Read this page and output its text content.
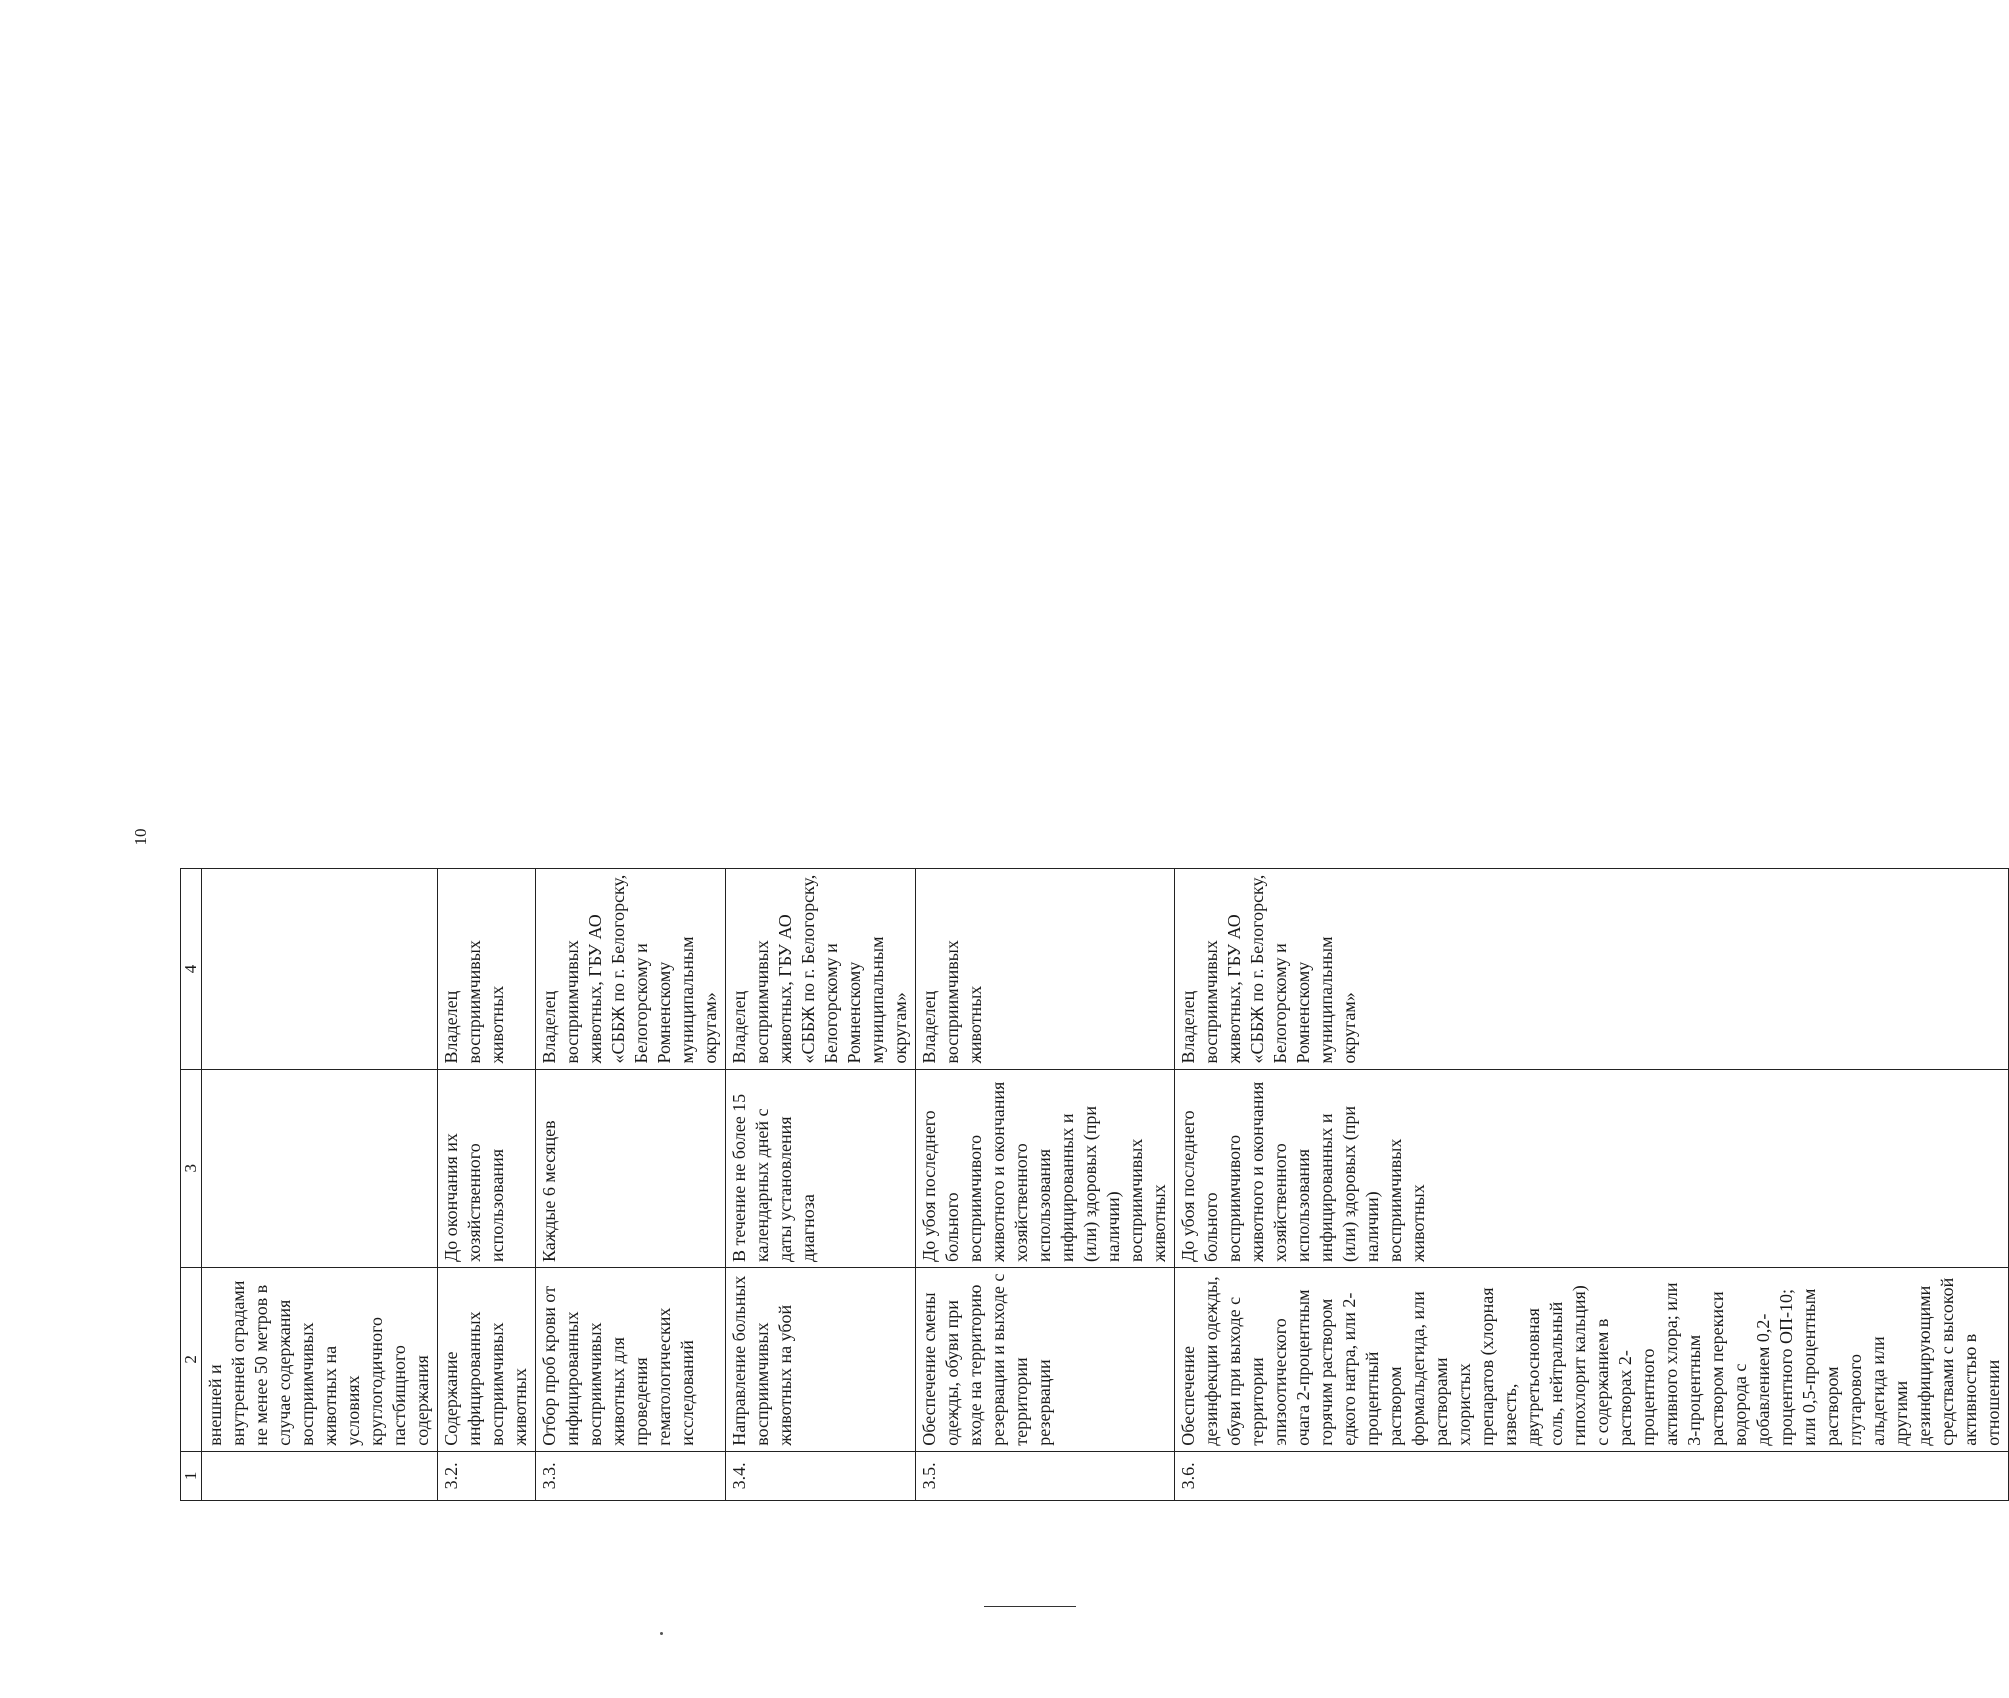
10
1	2	3	4
	внешней и внутренней оградами не менее 50 метров в случае содержания восприимчивых животных на условиях круглогодичного пастбищного содержания		
3.2.	Содержание инфицированных восприимчивых животных	До окончания их хозяйственного использования	Владелец восприимчивых животных
3.3.	Отбор проб крови от инфицированных восприимчивых животных для проведения гематологических исследований	Каждые 6 месяцев	Владелец восприимчивых животных, ГБУ АО «СББЖ по г. Белогорску, Белогорскому и Ромненскому муниципальным округам»
3.4.	Направление больных восприимчивых животных на убой	В течение не более 15 календарных дней с даты установления диагноза	Владелец восприимчивых животных, ГБУ АО «СББЖ по г. Белогорску, Белогорскому и Ромненскому муниципальным округам»
3.5.	Обеспечение смены одежды, обуви при входе на территорию резервации и выходе с территории резервации	До убоя последнего больного восприимчивого животного и окончания хозяйственного использования инфицированных и (или) здоровых (при наличии) восприимчивых животных	Владелец восприимчивых животных
3.6.	Обеспечение дезинфекции одежды, обуви при выходе с территории эпизоотического очага 2-процентным горячим раствором едкого натра, или 2-процентный раствором формальдегида, или растворами хлористых препаратов (хлорная известь, двутретьосновная соль, нейтральный гипохлорит кальция) с содержанием в растворах 2-процентного активного хлора; или 3-процентным раствором перекиси водорода с добавлением 0,2-процентного ОП-10; или 0,5-процентным раствором глутарового альдегида или другими дезинфицирующими средствами с высокой активностью в отношении	До убоя последнего больного восприимчивого животного и окончания хозяйственного использования инфицированных и (или) здоровых (при наличии) восприимчивых животных	Владелец восприимчивых животных, ГБУ АО «СББЖ по г. Белогорску, Белогорскому и Ромненскому муниципальным округам»
